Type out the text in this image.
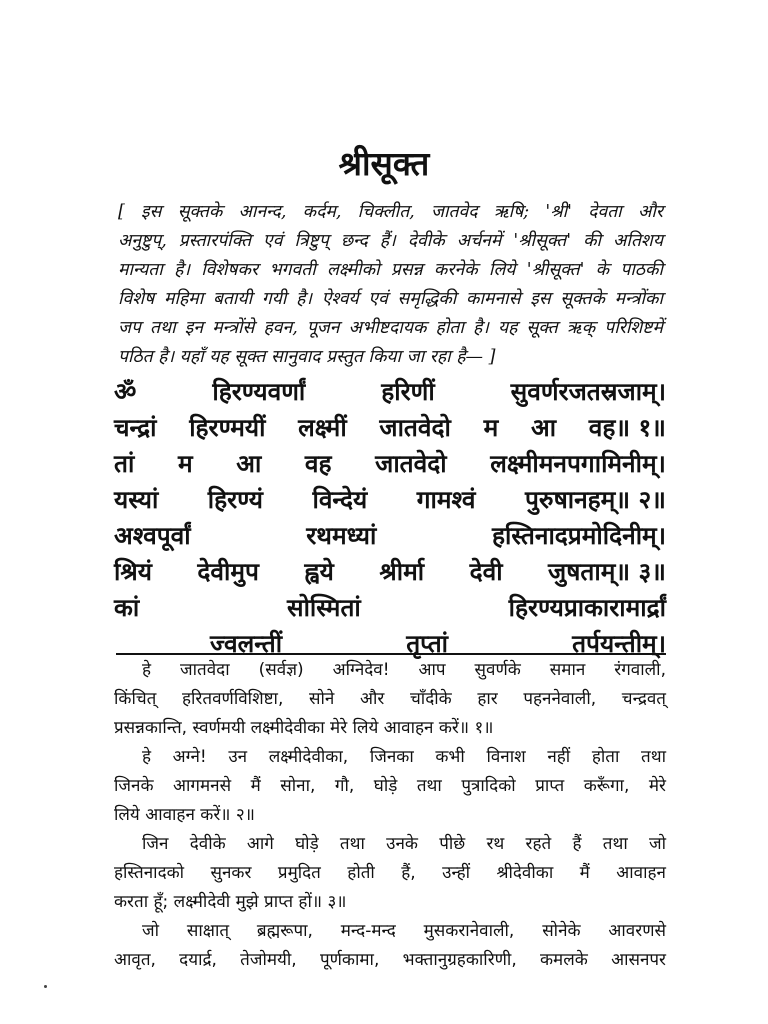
श्रीसूक्त

[ इस सूक्तके आनन्द, कर्दम, चिक्लीत, जातवेद ऋषि; 'श्री' देवता और

अनुष्टुप्, प्रस्तारपंक्ति एवं त्रिष्टुप् छन्द हैं। देवीके अर्चनमें 'श्रीसूक्त' की अतिशय

मान्यता है। विशेषकर भगवती लक्ष्मीको प्रसन्न करनेके लिये 'श्रीसूक्त' के पाठकी

विशेष महिमा बतायी गयी है। ऐश्वर्य एवं समृद्धिकी कामनासे इस सूक्तके मन्त्रोंका

जप तथा इन मन्त्रोंसे हवन, पूजन अभीष्टदायक होता है। यह सूक्त ऋक् परिशिष्टमें

पठित है। यहाँ यह सूक्त सानुवाद प्रस्तुत किया जा रहा है— ]

ॐ	हिरण्यवर्णां	हरिणीं	सुवर्णरजतस्रजाम्।
चन्द्रां हिरण्मयीं लक्ष्मीं जातवेदो म आ वह॥ १॥
तां म आ वह जातवेदो लक्ष्मीमनपगामिनीम्।
यस्यां हिरण्यं विन्देयं गामश्वं पुरुषानहम्॥ २॥
अश्वपूर्वां	रथमध्यां	हस्तिनादप्रमोदिनीम्।
श्रियं देवीमुप ह्वये श्रीर्मा देवी जुषताम्॥ ३॥
कां	सोस्मितां	हिरण्यप्राकारामार्द्रां
ज्वलन्तीं	तृप्तां	तर्पयन्तीम्।

हे जातवेदा (सर्वज्ञ) अग्निदेव! आप सुवर्णके समान रंगवाली,

किंचित् हरितवर्णविशिष्टा, सोने और चाँदीके हार पहननेवाली, चन्द्रवत्

प्रसन्नकान्ति, स्वर्णमयी लक्ष्मीदेवीका मेरे लिये आवाहन करें॥ १॥

हे अग्ने! उन लक्ष्मीदेवीका, जिनका कभी विनाश नहीं होता तथा

जिनके आगमनसे मैं सोना, गौ, घोड़े तथा पुत्रादिको प्राप्त करूँगा, मेरे

लिये आवाहन करें॥ २॥

जिन देवीके आगे घोड़े तथा उनके पीछे रथ रहते हैं तथा जो

हस्तिनादको सुनकर प्रमुदित होती हैं, उन्हीं श्रीदेवीका मैं आवाहन

करता हूँ; लक्ष्मीदेवी मुझे प्राप्त हों॥ ३॥

जो साक्षात् ब्रह्मरूपा, मन्द-मन्द मुसकरानेवाली, सोनेके आवरणसे

आवृत, दयार्द्र, तेजोमयी, पूर्णकामा, भक्तानुग्रहकारिणी, कमलके आसनपर
